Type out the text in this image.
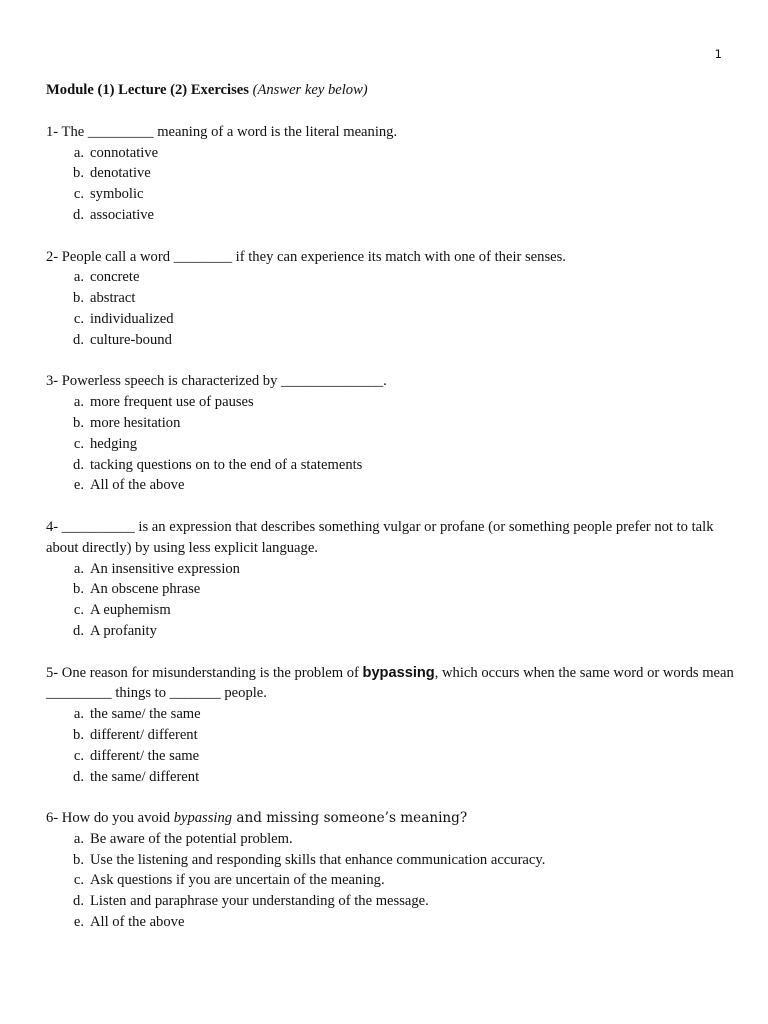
1

Module (1) Lecture (2) Exercises (Answer key below)

1- The _________ meaning of a word is the literal meaning.
a. connotative
b. denotative
c. symbolic
d. associative
2- People call a word ________ if they can experience its match with one of their senses.
a. concrete
b. abstract
c. individualized
d. culture-bound
3- Powerless speech is characterized by ______________.
a. more frequent use of pauses
b. more hesitation
c. hedging
d. tacking questions on to the end of a statements
e. All of the above
4- __________ is an expression that describes something vulgar or profane (or something people prefer not to talk about directly) by using less explicit language.
a. An insensitive expression
b. An obscene phrase
c. A euphemism
d. A profanity
5- One reason for misunderstanding is the problem of bypassing, which occurs when the same word or words mean _________ things to _______ people.
a. the same/ the same
b. different/ different
c. different/ the same
d. the same/ different
6- How do you avoid bypassing and missing someone’s meaning?
a. Be aware of the potential problem.
b. Use the listening and responding skills that enhance communication accuracy.
c. Ask questions if you are uncertain of the meaning.
d. Listen and paraphrase your understanding of the message.
e. All of the above
